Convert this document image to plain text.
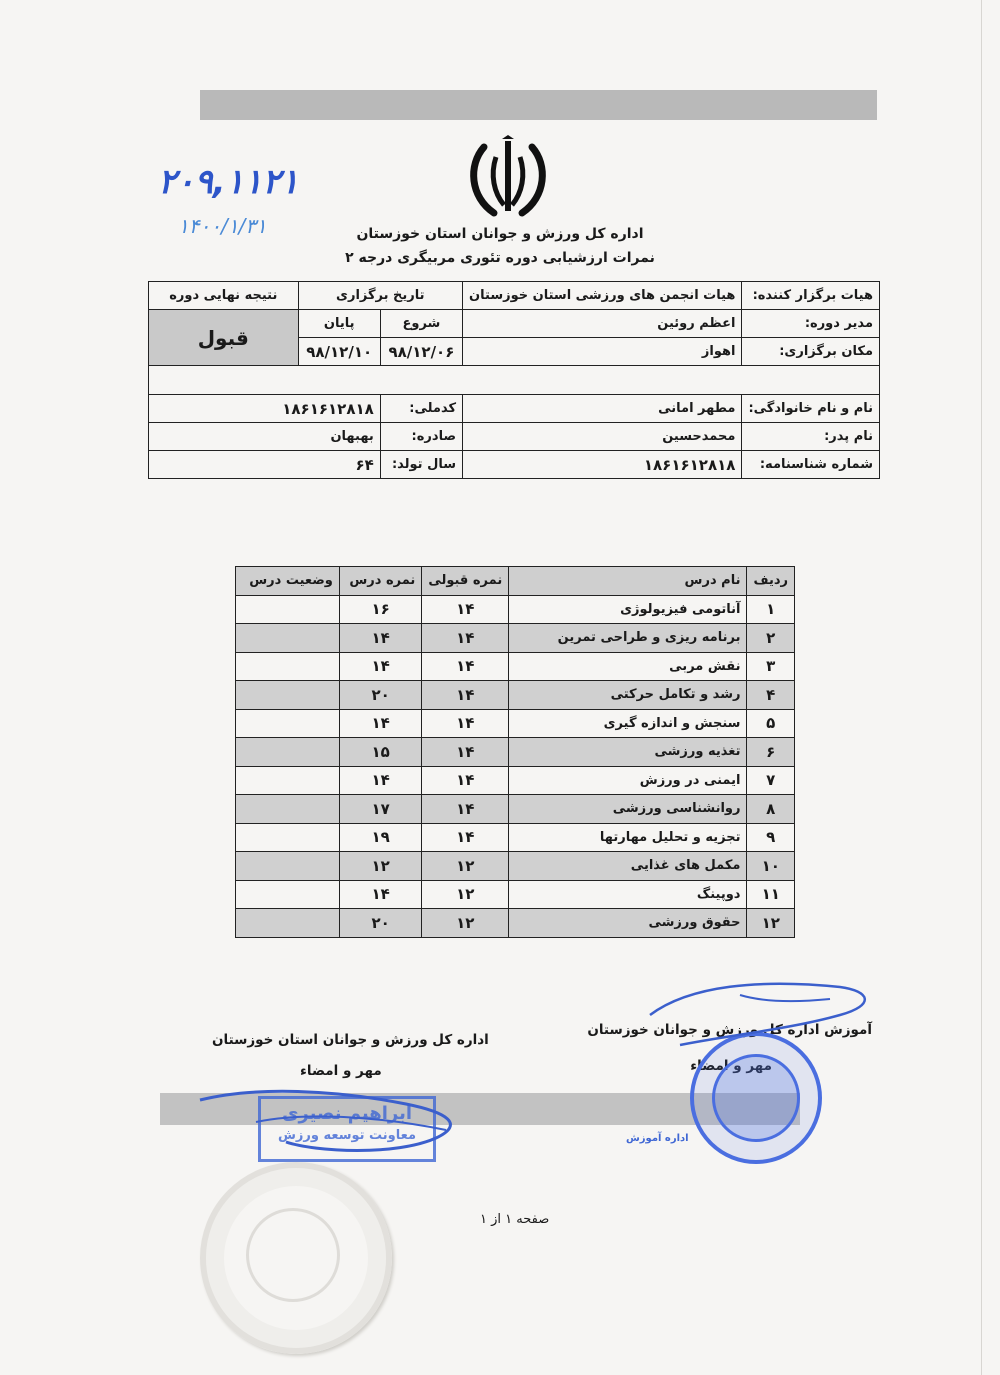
۲۰۹,۱۱۲۱
۱۴۰۰/۱/۳۱	اداره کل ورزش و جوانان استان خوزستان
نمرات ارزشیابی دوره تئوری مربیگری درجه ۲
هیات برگزار کننده:	هیات انجمن های ورزشی استان خوزستان	تاریخ برگزاری		نتیجه نهایی دوره
مدیر دوره:	اعظم روئین	شروع	پایان	قبول
مکان برگزاری:	اهواز	۹۸/۱۲/۰۶	۹۸/۱۲/۱۰	

نام و نام خانوادگی:	مطهر امانی	کدملی:	۱۸۶۱۶۱۲۸۱۸	
نام پدر:	محمدحسین	صادره:	بهبهان	
شماره شناسنامه:	۱۸۶۱۶۱۲۸۱۸	سال تولد:	۶۴	
ردیف	نام درس	نمره قبولی	نمره درس	وضعیت درس
۱	آناتومی فیزیولوژی	۱۴	۱۶	
۲	برنامه ریزی و طراحی تمرین	۱۴	۱۴	
۳	نقش مربی	۱۴	۱۴	
۴	رشد و تکامل حرکتی	۱۴	۲۰	
۵	سنجش و اندازه گیری	۱۴	۱۴	
۶	تغذیه ورزشی	۱۴	۱۵	
۷	ایمنی در ورزش	۱۴	۱۴	
۸	روانشناسی ورزشی	۱۴	۱۷	
۹	تجزیه و تحلیل مهارتها	۱۴	۱۹	
۱۰	مکمل های غذایی	۱۲	۱۲	
۱۱	دوپینگ	۱۲	۱۴	
۱۲	حقوق ورزشی	۱۲	۲۰	
آموزش اداره کل ورزش و جوانان خوزستان
مهر و امضاء
اداره کل ورزش و جوانان استان خوزستان
مهر و امضاء
ابراهیم نصیری
معاونت توسعه ورزش	اداره آموزش
صفحه ۱ از ۱
